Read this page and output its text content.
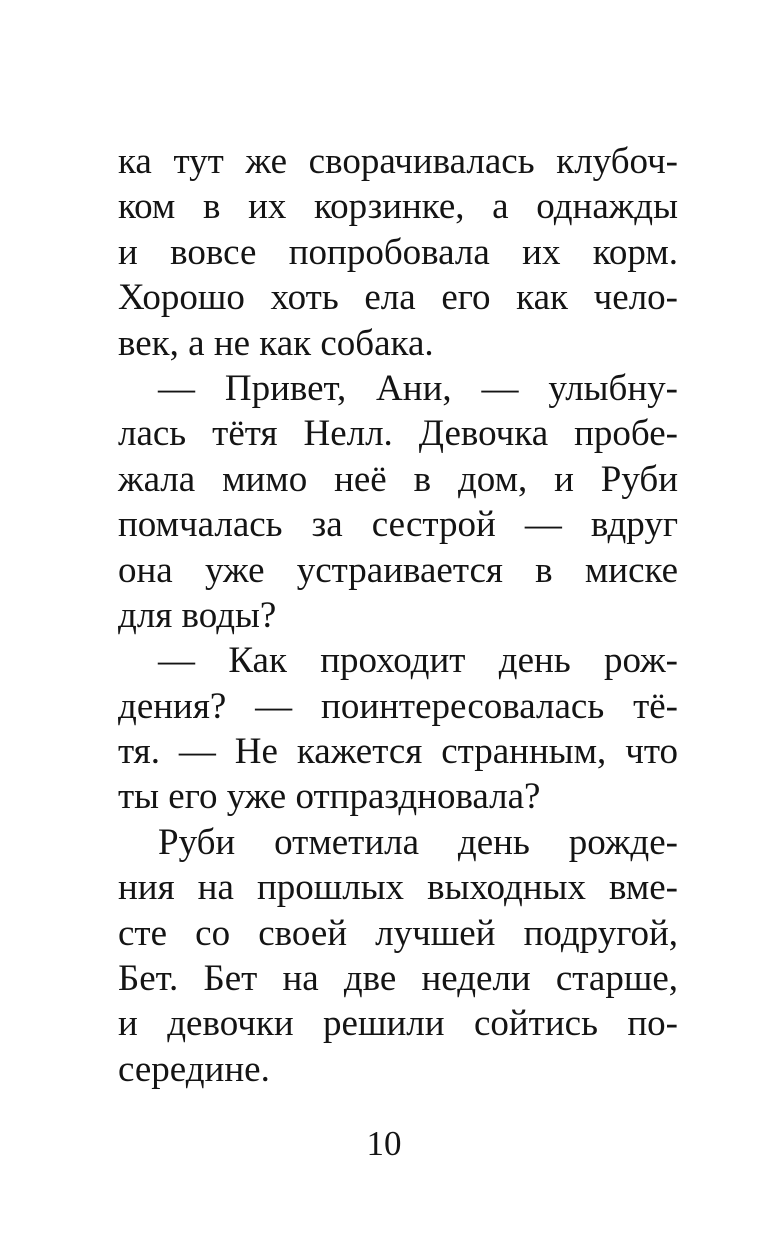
ка тут же сворачивалась клубоч-
ком в их корзинке, а однажды
и вовсе попробовала их корм.
Хорошо хоть ела его как чело-
век, а не как собака.
— Привет, Ани, — улыбну-
лась тётя Нелл. Девочка пробе-
жала мимо неё в дом, и Руби
помчалась за сестрой — вдруг
она уже устраивается в миске
для воды?
— Как проходит день рож-
дения? — поинтересовалась тё-
тя. — Не кажется странным, что
ты его уже отпраздновала?
Руби отметила день рожде-
ния на прошлых выходных вме-
сте со своей лучшей подругой,
Бет. Бет на две недели старше,
и девочки решили сойтись по-
середине.
10
